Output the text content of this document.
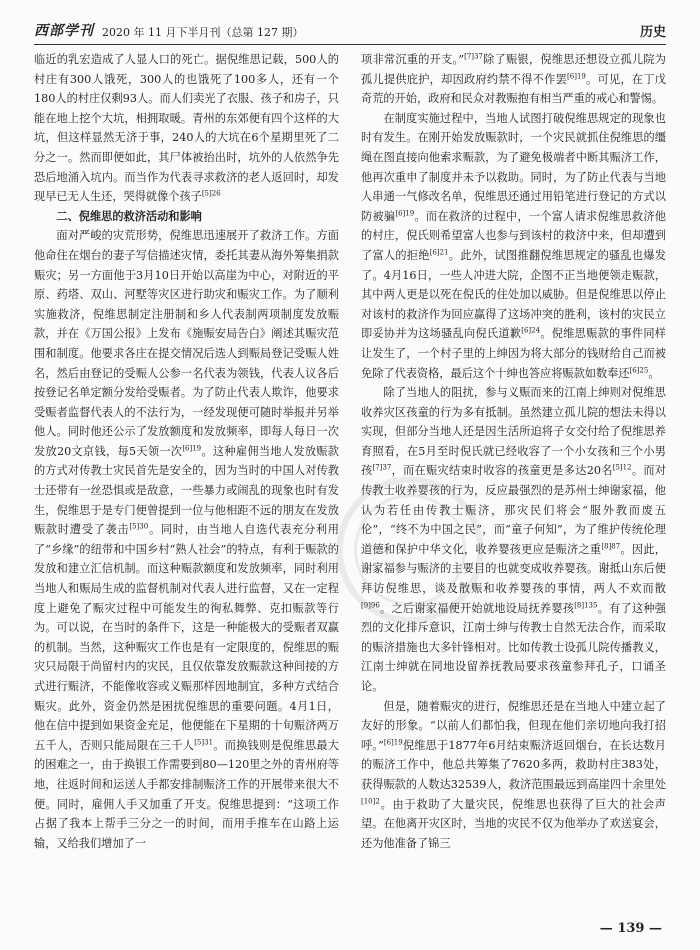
西部学刊 2020 年 11 月下半月刊（总第 127 期）	历史

临近的乳宏造成了人显人口的死亡。据倪维思记载，500人的村庄有300人饿死，300人的也饿死了100多人，还有一个180人的村庄仅剩93人。而人们卖光了衣服、孩子和房子，只能在地上挖个大坑，相拥取暖。青州的东郊便有四个这样的大坑，但这样显然无济于事，240人的大坑在6个星期里死了二分之一。然而即便如此，其尸体被抬出时，坑外的人依然争先恐后地涌入坑内。而当作为代表寻求救济的老人返回时，却发现早已无人生还，哭得就像个孩子$^{[5]26}$

二、倪维思的救济活动和影响

面对严峻的灾荒形势，倪维思迅速展开了救济工作。方面他命住在烟台的妻子写信描述灾情，委托其妻从海外筹集捐款赈灾；另一方面他于3月10日开始以高崖为中心，对附近的平原、药塔、双山、河墅等灾区进行助灾和赈灾工作。为了顺利实施救济，倪维思制定注册制和乡人代表制两项制度发放赈款，并在《万国公报》上发布《施赈安局告白》阐述其赈灾范围和制度。他要求各庄在提交情况后选人到赈局登记受赈人姓名，然后由登记的受赈人公参一名代表为领钱，代表人议各后按登记名单定额分发给受赈者。为了防止代表人欺诈，他要求受赈者监督代表人的不法行为，一经发现便可随时举报并另举他人。同时他还公示了发放额度和发放频率，即每人每日一次发放20文京钱，每5天领一次$^{[6]19}$。这种雇佣当地人发放赈款的方式对传教士灾民首先是安全的，因为当时的中国人对传教士还带有一丝恐惧或是敌意，一些暴力或闹乱的现象也时有发生，倪维思于是专门便曾提到一位与他相距不远的朋友在发放赈款时遭受了袭击$^{[5]30}$。同时，由当地人自选代表充分利用了“乡缘”的纽带和中国乡村“熟人社会”的特点，有利于赈款的发放和建立汇信机制。而这种赈款额度和发放频率，同时利用当地人和赈局生成的监督机制对代表人进行监督，又在一定程度上避免了赈灾过程中可能发生的徇私舞弊、克扣赈款等行为。可以说，在当时的条件下，这是一种能极大的受赈者双赢的机制。当然，这种赈灾工作也是有一定限度的，倪维思的赈灾只局限于尚留村内的灾民，且仅依靠发放赈款这种间接的方式进行赈济，不能像收容或义赈那样因地制宜，多种方式结合赈灾。此外，资金仍然是困扰倪维思的重要问题。4月1日，他在信中提到如果资金充足，他便能在下星期的十旬赈济两万五千人，否则只能局限在三千人$^{[5]31}$。而换钱则是倪维思最大的困难之一，由于换银工作需要到80—120里之外的青州府等地，往返时间和运送人手都安排制赈济工作的开展带来很大不便。同时，雇佣人手又加重了开支。倪维思提到：“这项工作占据了我本上帮手三分之一的时间，而用手推车在山路上运输，又给我们增加了一

项非常沉重的开支。”$^{[7]37}$除了赈银，倪维思还想设立孤儿院为孤儿提供庇护，却因政府约禁不得不作罢$^{[6]19}$。可见，在丁戊奇荒的开始，政府和民众对教赈抱有相当严重的戒心和警惕。

在制度实施过程中，当地人试图打破倪维思规定的现象也时有发生。在刚开始发放赈款时，一个灾民就抓住倪维思的缰绳在图直接向他索求赈款，为了避免极端者中断其赈济工作，他再次重申了制度并未予以救助。同时，为了防止代表与当地人串通一气修改名单，倪维思还通过用铅笔进行登记的方式以防被骗$^{[6]19}$。而在救济的过程中，一个富人请求倪维思救济他的村庄，倪氏则希望富人也参与到该村的救济中来，但却遭到了富人的拒绝$^{[6]21}$。此外，试图推翻倪维思规定的骚乱也爆发了。4月16日，一些人冲进大院，企图不正当地便领走赈款，其中两人更是以死在倪氏的住处加以威胁。但是倪维思以停止对该村的救济作为回应赢得了这场冲突的胜利，该村的灾民立即妥协并为这场骚乱向倪氏道歉$^{[6]24}$。倪维思赈款的事件同样让发生了，一个村子里的上绅因为将大部分的钱财给自己而被免除了代表资格，最后这个十绅也答应将赈款如数奉还$^{[6]25}$。

除了当地人的阻扰，参与义赈而来的江南上绅则对倪维思收养灾区孩童的行为多有抵制。虽然建立孤儿院的想法未得以实现，但部分当地人还是因生活所迫将子女交付给了倪维思养育照看，在5月至时倪氏就已经收容了一个小女孩和三个小男孩$^{[7]37}$，而在赈灾结束时收容的孩童更是多达20名$^{[5]12}$。而对传教士收养婴孩的行为，反应最强烈的是苏州士绅谢家福，他认为若任由传教士赈济，那灾民们将会“服外教而废五伦”，“终不为中国之民”，而“童子何知”，为了维护传统伦理道德和保护中华文化，收养婴孩更应是赈济之重$^{[8]87}$。因此，谢家福参与赈济的主要目的也就变成收养婴孩。谢抵山东后便拜访倪维思，谈及散赈和收养婴孩的事情，两人不欢而散$^{[9]96}$。之后谢家福便开始就地设局抚养婴孩$^{[8]135}$。有了这种强烈的文化排斥意识，江南士绅与传教士自然无法合作，而采取的赈济措施也大多针锋相对。比如传教士设孤儿院传播教义，江南士绅就在同地设留养抚教局要求孩童参拜孔子，口诵圣论。

但是，随着赈灾的进行，倪维思还是在当地人中建立起了友好的形象。“以前人们都怕我，但现在他们亲切地向我打招呼。”$^{[6]19}$倪维思于1877年6月结束赈济返回烟台，在长达数月的赈济工作中，他总共筹集了7620多两，救助村庄383处，获得赈款的人数达32539人，救济范围最远到高崖四十余里处$^{[10]2}$。由于救助了大量灾民，倪维思也获得了巨大的社会声望。在他离开灾区时，当地的灾民不仅为他举办了欢送宴会，还为他准备了锦三

— 139 —
